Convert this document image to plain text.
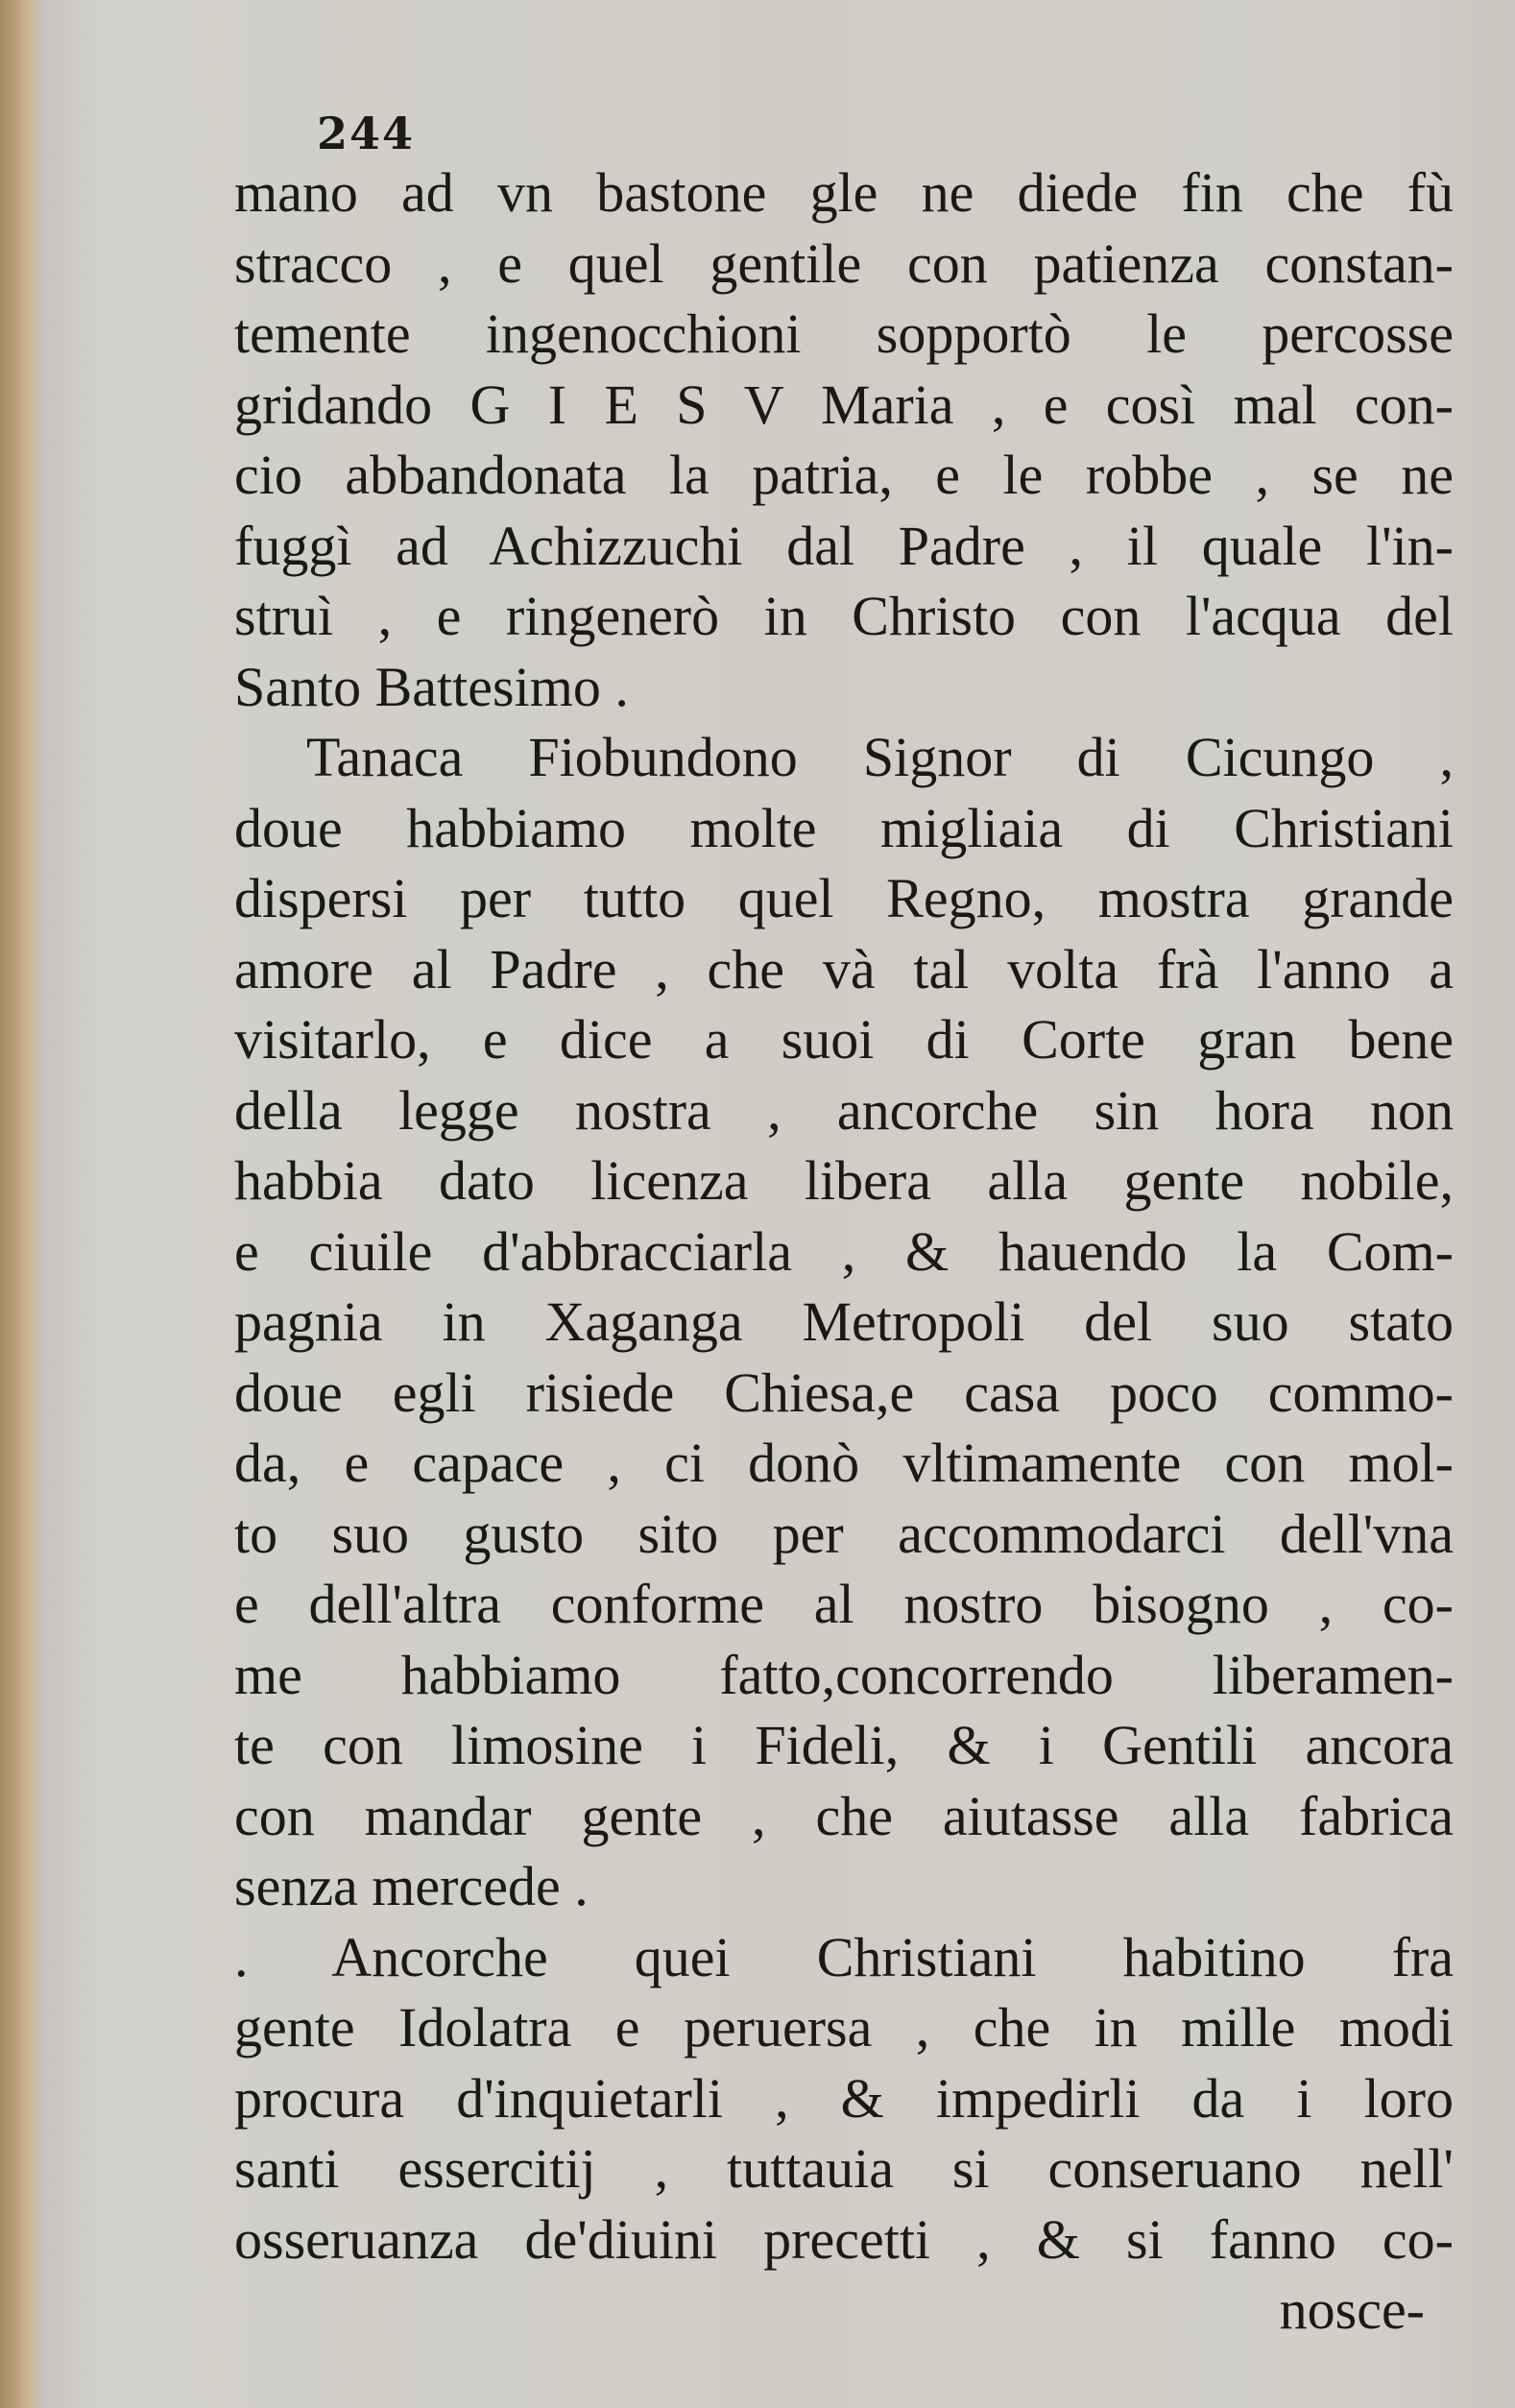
244
mano ad vn bastone gle ne diede fin che fù
stracco , e quel gentile con patienza constan-
temente ingenocchioni sopportò le percosse
gridando G I E S V Maria , e così mal con-
cio abbandonata la patria, e le robbe , se ne
fuggì ad Achizzuchi dal Padre , il quale l'in-
struì , e ringenerò in Christo con l'acqua del
Santo Battesimo .
Tanaca Fiobundono Signor di Cicungo ,
doue habbiamo molte migliaia di Christiani
dispersi per tutto quel Regno, mostra grande
amore al Padre , che và tal volta frà l'anno a
visitarlo, e dice a suoi di Corte gran bene
della legge nostra , ancorche sin hora non
habbia dato licenza libera alla gente nobile,
e ciuile d'abbracciarla , & hauendo la Com-
pagnia in Xaganga Metropoli del suo stato
doue egli risiede Chiesa,e casa poco commo-
da, e capace , ci donò vltimamente con mol-
to suo gusto sito per accommodarci dell'vna
e dell'altra conforme al nostro bisogno , co-
me habbiamo fatto,concorrendo liberamen-
te con limosine i Fideli, & i Gentili ancora
con mandar gente , che aiutasse alla fabrica
senza mercede .
. Ancorche quei Christiani habitino fra
gente Idolatra e peruersa , che in mille modi
procura d'inquietarli , & impedirli da i loro
santi essercitij , tuttauia si conseruano nell'
osseruanza de'diuini precetti , & si fanno co-
nosce-
